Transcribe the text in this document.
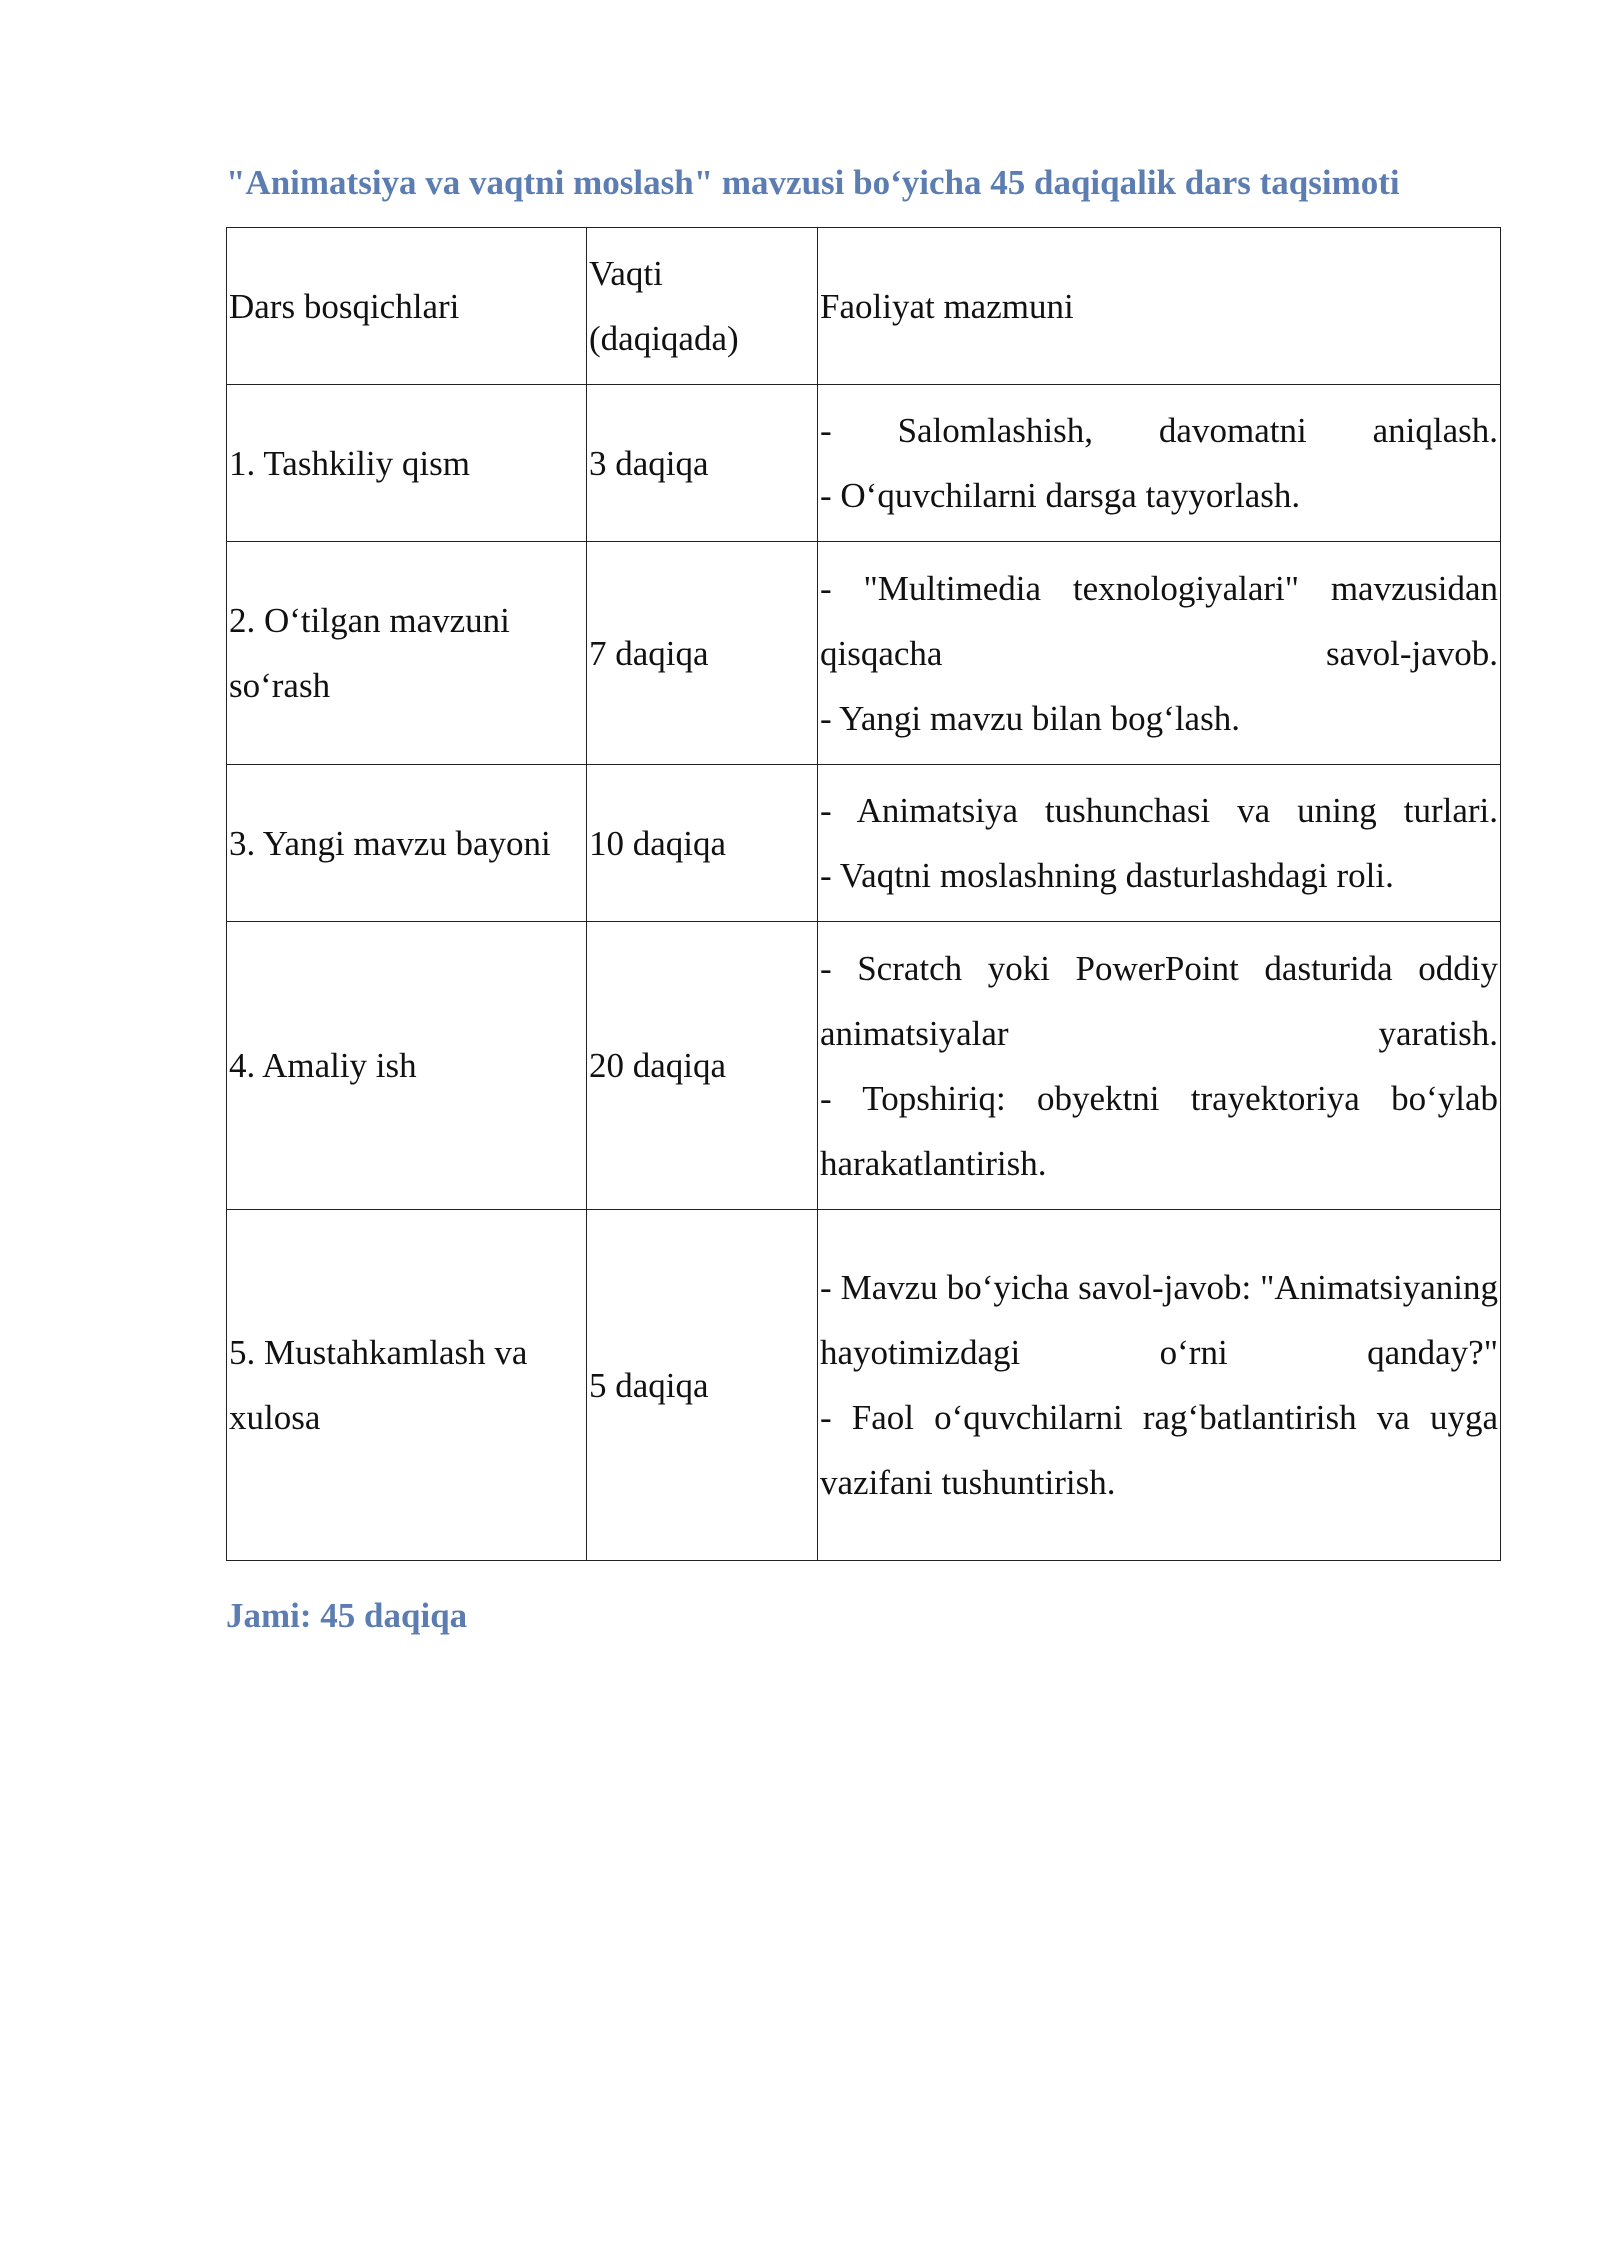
"Animatsiya va vaqtni moslash" mavzusi bo‘yicha 45 daqiqalik dars taqsimoti

Dars bosqichlari	Vaqti (daqiqada)	Faoliyat mazmuni
1. Tashkiliy qism	3 daqiqa	- Salomlashish, davomatni aniqlash.
- O‘quvchilarni darsga tayyorlash.

2. O‘tilgan mavzuni so‘rash	7 daqiqa	- "Multimedia texnologiyalari" mavzusidan qisqacha savol-javob.
- Yangi mavzu bilan bog‘lash.

3. Yangi mavzu bayoni	10 daqiqa	- Animatsiya tushunchasi va uning turlari.
- Vaqtni moslashning dasturlashdagi roli.

4. Amaliy ish	20 daqiqa	- Scratch yoki PowerPoint dasturida oddiy animatsiyalar yaratish.
- Topshiriq: obyektni trayektoriya bo‘ylab harakatlantirish.

5. Mustahkamlash va xulosa	5 daqiqa	- Mavzu bo‘yicha savol-javob: "Animatsiyaning hayotimizdagi o‘rni qanday?"
- Faol o‘quvchilarni rag‘batlantirish va uyga vazifani tushuntirish.
Jami: 45 daqiqa
